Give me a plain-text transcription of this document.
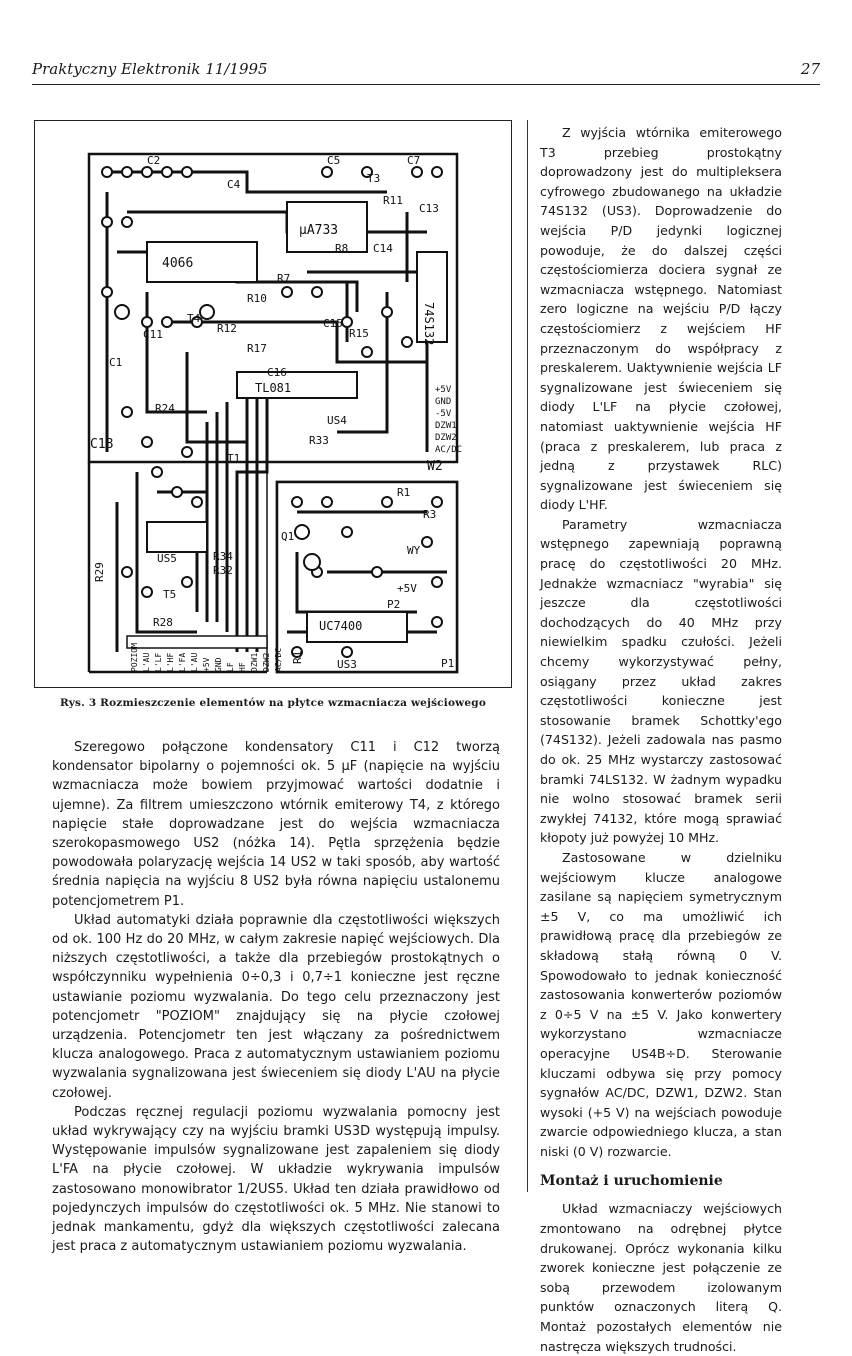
Praktyczny Elektronik 11/1995	27
C2	C5	C7
C4	T3
4066
μA733
R8 C14
R11
C13
R7
R10
C15
R15
T4
R12
R17
C11
C1
C16
TL081
R24
C18	R33
US4
74S132
W2
T1
US5	R34
R32
T5
R28
R29
R1
R3
Q1
WY
+5V
P2
UC7400
US3	P1
+5V
GND
-5V
DZW1
DZW2
AC/DC
R1
POZIOM L'AU L'LF L'HF L'FA L'AU +5V GND LF HF DZW1 DZW2 AC/DC
Rys. 3 Rozmieszczenie elementów na płytce wzmacniacza wejściowego

Szeregowo połączone kondensatory C11 i C12 tworzą kondensator bipolarny o pojemności ok. 5 µF (napięcie na wyjściu wzmacniacza może bowiem przyjmować wartości dodatnie i ujemne). Za filtrem umieszczono wtórnik emiterowy T4, z którego napięcie stałe doprowadzane jest do wejścia wzmacniacza szerokopasmowego US2 (nóżka 14). Pętla sprzężenia będzie powodowała polaryzację wejścia 14 US2 w taki sposób, aby wartość średnia napięcia na wyjściu 8 US2 była równa napięciu ustalonemu potencjometrem P1.

Układ automatyki działa poprawnie dla częstotliwości większych od ok. 100 Hz do 20 MHz, w całym zakresie napięć wejściowych. Dla niższych częstotliwości, a także dla przebiegów prostokątnych o współczynniku wypełnienia 0÷0,3 i 0,7÷1 konieczne jest ręczne ustawianie poziomu wyzwalania. Do tego celu przeznaczony jest potencjometr "POZIOM" znajdujący się na płycie czołowej urządzenia. Potencjometr ten jest włączany za pośrednictwem klucza analogowego. Praca z automatycznym ustawianiem poziomu wyzwalania sygnalizowana jest świeceniem się diody L'AU na płycie czołowej.

Podczas ręcznej regulacji poziomu wyzwalania pomocny jest układ wykrywający czy na wyjściu bramki US3D występują impulsy. Występowanie impulsów sygnalizowane jest zapaleniem się diody L'FA na płycie czołowej. W układzie wykrywania impulsów zastosowano monowibrator 1/2US5. Układ ten działa prawidłowo od pojedynczych impulsów do częstotliwości ok. 5 MHz. Nie stanowi to jednak mankamentu, gdyż dla większych częstotliwości zalecana jest praca z automatycznym ustawianiem poziomu wyzwalania.

Z wyjścia wtórnika emiterowego T3 przebieg prostokątny doprowadzony jest do multipleksera cyfrowego zbudowanego na układzie 74S132 (US3). Doprowadzenie do wejścia P/D jedynki logicznej powoduje, że do dalszej części częstościomierza dociera sygnał ze wzmacniacza wstępnego. Natomiast zero logiczne na wejściu P/D łączy częstościomierz z wejściem HF przeznaczonym do współpracy z preskalerem. Uaktywnienie wejścia LF sygnalizowane jest świeceniem się diody L'LF na płycie czołowej, natomiast uaktywnienie wejścia HF (praca z preskalerem, lub praca z jedną z przystawek RLC) sygnalizowane jest świeceniem się diody L'HF.

Parametry wzmacniacza wstępnego zapewniają poprawną pracę do częstotliwości 20 MHz. Jednakże wzmacniacz "wyrabia" się jeszcze dla częstotliwości dochodzących do 40 MHz przy niewielkim spadku czułości. Jeżeli chcemy wykorzystywać pełny, osiągany przez układ zakres częstotliwości konieczne jest stosowanie bramek Schottky'ego (74S132). Jeżeli zadowala nas pasmo do ok. 25 MHz wystarczy zastosować bramki 74LS132. W żadnym wypadku nie wolno stosować bramek serii zwykłej 74132, które mogą sprawiać kłopoty już powyżej 10 MHz.

Zastosowane w dzielniku wejściowym klucze analogowe zasilane są napięciem symetrycznym ±5 V, co ma umożliwić ich prawidłową pracę dla przebiegów ze składową stałą równą 0 V. Spowodowało to jednak konieczność zastosowania konwerterów poziomów z 0÷5 V na ±5 V. Jako konwertery wykorzystano wzmacniacze operacyjne US4B÷D. Sterowanie kluczami odbywa się przy pomocy sygnałów AC/DC, DZW1, DZW2. Stan wysoki (+5 V) na wejściach powoduje zwarcie odpowiedniego klucza, a stan niski (0 V) rozwarcie.

Montaż i uruchomienie

Układ wzmacniaczy wejściowych zmontowano na odrębnej płytce drukowanej. Oprócz wykonania kilku zworek konieczne jest połączenie ze sobą przewodem izolowanym punktów oznaczonych literą Q. Montaż pozostałych elementów nie nastręcza większych trudności.
